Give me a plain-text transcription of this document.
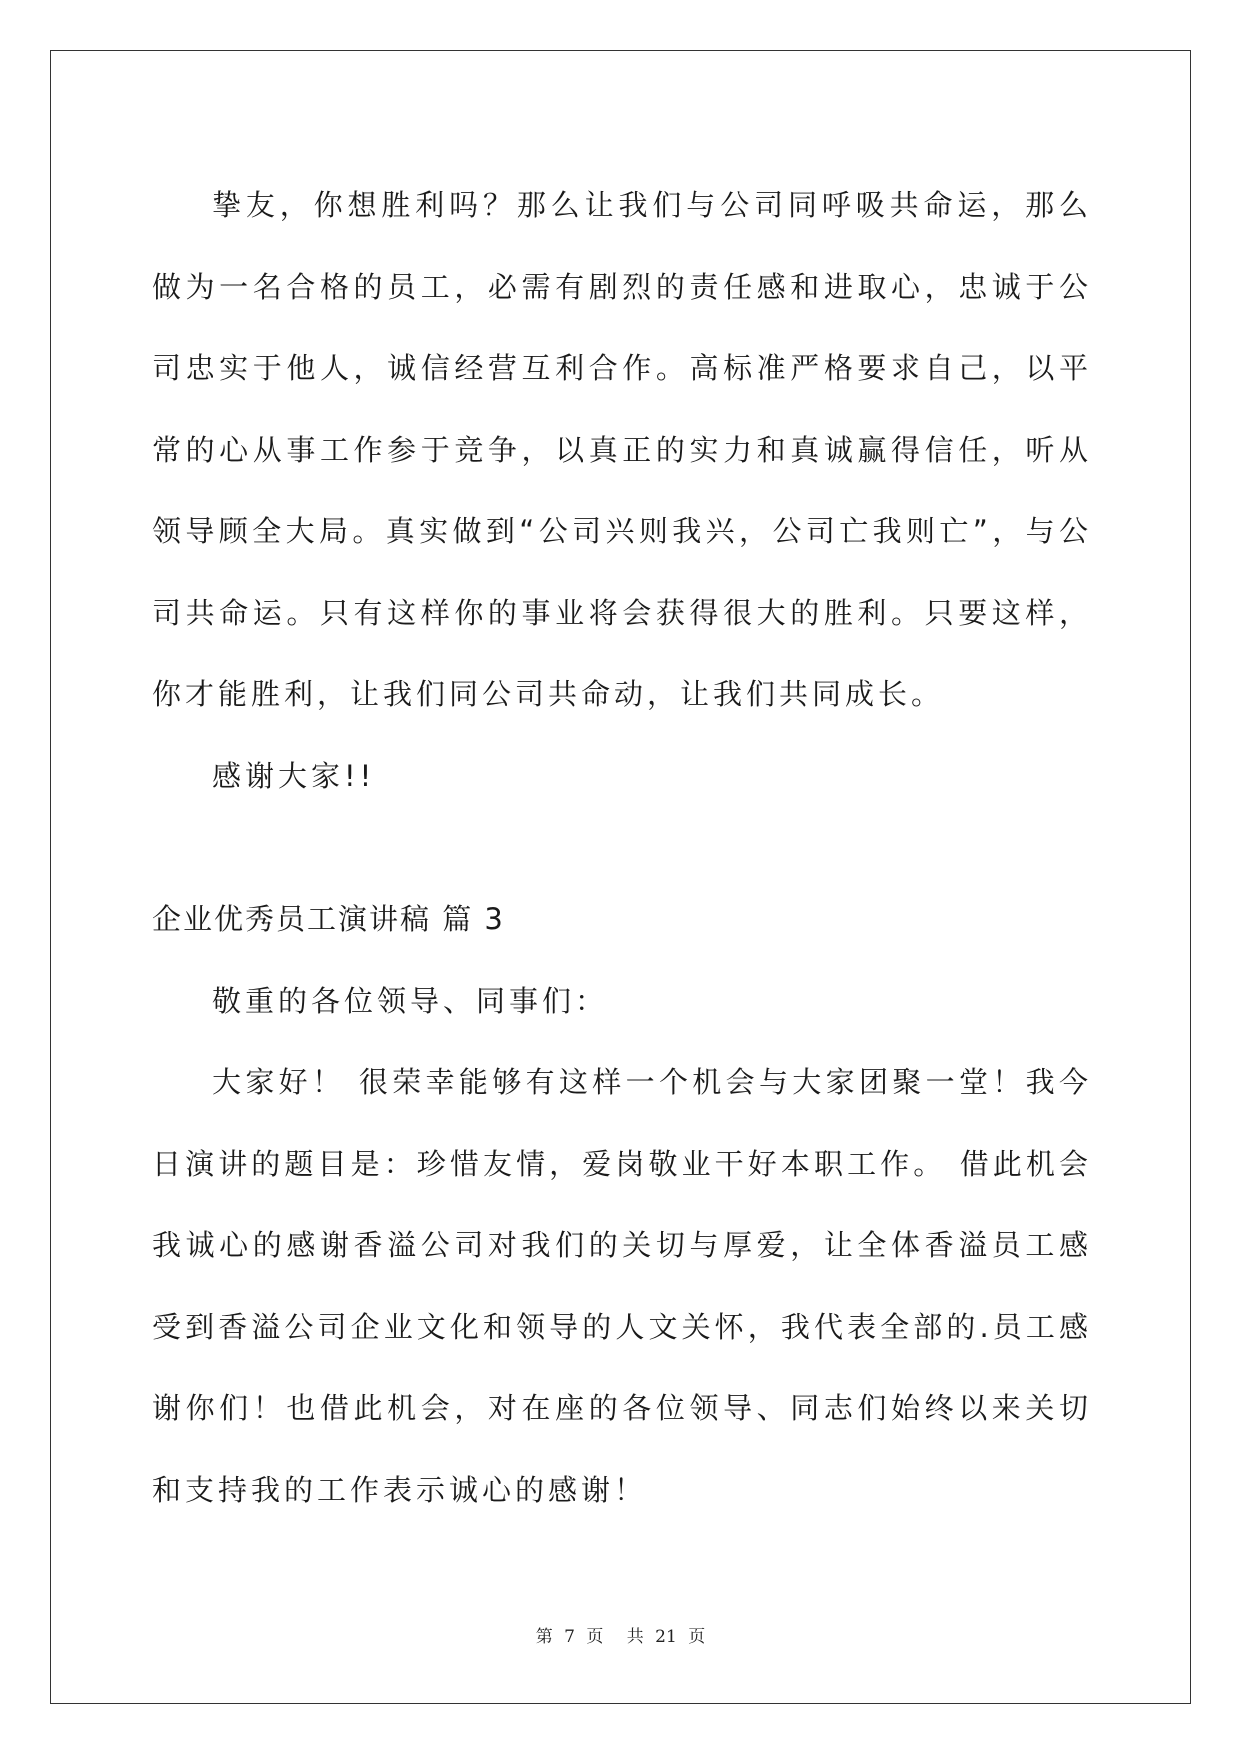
挚友，你想胜利吗？那么让我们与公司同呼吸共命运，那么做为一名合格的员工，必需有剧烈的责任感和进取心，忠诚于公司忠实于他人，诚信经营互利合作。高标准严格要求自己，以平常的心从事工作参于竞争，以真正的实力和真诚赢得信任，听从领导顾全大局。真实做到“公司兴则我兴，公司亡我则亡”，与公司共命运。只有这样你的事业将会获得很大的胜利。只要这样，你才能胜利，让我们同公司共命动，让我们共同成长。

感谢大家!!

企业优秀员工演讲稿 篇 3

敬重的各位领导、同事们：

大家好！ 很荣幸能够有这样一个机会与大家团聚一堂！我今日演讲的题目是：珍惜友情，爱岗敬业干好本职工作。 借此机会我诚心的感谢香溢公司对我们的关切与厚爱，让全体香溢员工感受到香溢公司企业文化和领导的人文关怀，我代表全部的.员工感谢你们！也借此机会，对在座的各位领导、同志们始终以来关切和支持我的工作表示诚心的感谢！

第 7 页 共 21 页
